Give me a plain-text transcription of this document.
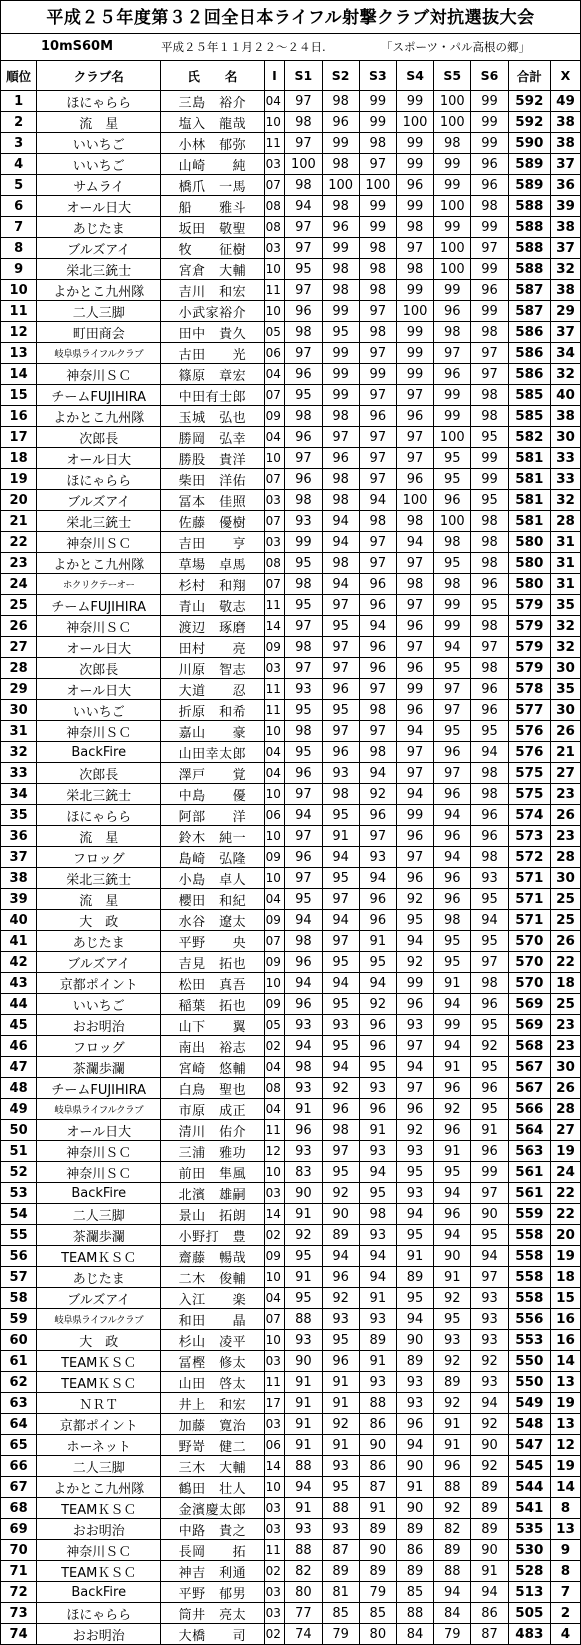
平成２５年度第３２回全日本ライフル射撃クラブ対抗選抜大会
10mS60M	平成２５年１１月２２～２４日.	「スポーツ・パル高根の郷」
順位	クラブ名	氏　　名	I	S1	S2	S3	S4	S5	S6	合計	X
1	ほにゃらら	三島　裕介	04	97	98	99	99	100	99	592	49
2	流　星	塩入　龍哉	10	98	96	99	100	100	99	592	38
3	いいちご	小林　郁弥	11	97	99	98	99	98	99	590	38
4	いいちご	山崎　　純	03	100	98	97	99	99	96	589	37
5	サムライ	橋爪　一馬	07	98	100	100	96	99	96	589	36
6	オール日大	船　　雅斗	08	94	98	99	99	100	98	588	39
7	あじたま	坂田　敬聖	08	97	96	99	98	99	99	588	38
8	ブルズアイ	牧　　征樹	03	97	99	98	97	100	97	588	37
9	栄北三銃士	宮倉　大輔	10	95	98	98	98	100	99	588	32
10	よかとこ九州隊	吉川　和宏	11	97	98	98	99	99	96	587	38
11	二人三脚	小武家裕介	10	96	99	97	100	96	99	587	29
12	町田商会	田中　貴久	05	98	95	98	99	98	98	586	37
13	岐阜県ライフルクラブ	古田　　光	06	97	99	97	99	97	97	586	34
14	神奈川ＳＣ	篠原　章宏	04	96	99	99	99	96	97	586	32
15	チームFUJIHIRA	中田有士郎	07	95	99	97	97	99	98	585	40
16	よかとこ九州隊	玉城　弘也	09	98	98	96	96	99	98	585	38
17	次郎長	勝岡　弘幸	04	96	97	97	97	100	95	582	30
18	オール日大	勝股　貴洋	10	97	96	97	97	95	99	581	33
19	ほにゃらら	柴田　洋佑	07	96	98	97	96	95	99	581	33
20	ブルズアイ	冨本　佳照	03	98	98	94	100	96	95	581	32
21	栄北三銃士	佐藤　優樹	07	93	94	98	98	100	98	581	28
22	神奈川ＳＣ	吉田　　亨	03	99	94	97	94	98	98	580	31
23	よかとこ九州隊	草場　卓馬	08	95	98	97	97	95	98	580	31
24	ホクリクテーオー	杉村　和翔	07	98	94	96	98	98	96	580	31
25	チームFUJIHIRA	青山　敬志	11	95	97	96	97	99	95	579	35
26	神奈川ＳＣ	渡辺　琢磨	14	97	95	94	96	99	98	579	32
27	オール日大	田村　　亮	09	98	97	96	97	94	97	579	32
28	次郎長	川原　智志	03	97	97	96	96	95	98	579	30
29	オール日大	大道　　忍	11	93	96	97	99	97	96	578	35
30	いいちご	折原　和希	11	95	95	98	96	97	96	577	30
31	神奈川ＳＣ	嘉山　　豪	10	98	97	97	94	95	95	576	26
32	BackFire	山田幸太郎	04	95	96	98	97	96	94	576	21
33	次郎長	澤戸　　覚	04	96	93	94	97	97	98	575	27
34	栄北三銃士	中島　　優	10	97	98	92	94	96	98	575	23
35	ほにゃらら	阿部　　洋	06	94	95	96	99	94	96	574	26
36	流　星	鈴木　純一	10	97	91	97	96	96	96	573	23
37	フロッグ	島崎　弘隆	09	96	94	93	97	94	98	572	28
38	栄北三銃士	小島　卓人	10	97	95	94	96	96	93	571	30
39	流　星	櫻田　和紀	04	95	97	96	92	96	95	571	25
40	大　政	水谷　遼太	09	94	94	96	95	98	94	571	25
41	あじたま	平野　　央	07	98	97	91	94	95	95	570	26
42	ブルズアイ	吉見　拓也	09	96	95	95	92	95	97	570	22
43	京都ポイント	松田　真吾	10	94	94	94	99	91	98	570	18
44	いいちご	稲葉　拓也	09	96	95	92	96	94	96	569	25
45	おお明治	山下　　翼	05	93	93	96	93	99	95	569	23
46	フロッグ	南出　裕志	02	94	95	96	97	94	92	568	23
47	茶瀾歩瀾	宮崎　悠輔	04	98	94	95	94	91	95	567	30
48	チームFUJIHIRA	白鳥　聖也	08	93	92	93	97	96	96	567	26
49	岐阜県ライフルクラブ	市原　成正	04	91	96	96	96	92	95	566	28
50	オール日大	清川　佑介	11	96	98	91	92	96	91	564	27
51	神奈川ＳＣ	三浦　雅功	12	93	97	93	93	91	96	563	19
52	神奈川ＳＣ	前田　隼風	10	83	95	94	95	95	99	561	24
53	BackFire	北濱　雄嗣	03	90	92	95	93	94	97	561	22
54	二人三脚	景山　拓朗	14	91	90	98	94	96	90	559	22
55	茶瀾歩瀾	小野打　豊	02	92	89	93	95	94	95	558	20
56	TEAMＫＳＣ	齋藤　暢哉	09	95	94	94	91	90	94	558	19
57	あじたま	二木　俊輔	10	91	96	94	89	91	97	558	18
58	ブルズアイ	入江　　楽	04	95	92	91	95	92	93	558	15
59	岐阜県ライフルクラブ	和田　　晶	07	88	93	93	94	95	93	556	16
60	大　政	杉山　凌平	10	93	95	89	90	93	93	553	16
61	TEAMＫＳＣ	冨樫　修太	03	90	96	91	89	92	92	550	14
62	TEAMＫＳＣ	山田　啓太	11	91	91	93	93	89	93	550	13
63	ＮＲＴ	井上　和宏	17	91	91	88	93	92	94	549	19
64	京都ポイント	加藤　寛治	03	91	92	86	96	91	92	548	13
65	ホーネット	野嵜　健二	06	91	91	90	94	91	90	547	12
66	二人三脚	三木　大輔	14	88	93	86	90	96	92	545	19
67	よかとこ九州隊	鶴田　壮人	10	94	95	87	91	88	89	544	14
68	TEAMＫＳＣ	金濱慶太郎	03	91	88	91	90	92	89	541	8
69	おお明治	中路　貴之	03	93	93	89	89	82	89	535	13
70	神奈川ＳＣ	長岡　　拓	11	88	87	90	86	89	90	530	9
71	TEAMＫＳＣ	神吉　利通	02	82	89	89	89	88	91	528	8
72	BackFire	平野　郁男	03	80	81	79	85	94	94	513	7
73	ほにゃらら	筒井　亮太	03	77	85	85	88	84	86	505	2
74	おお明治	大橋　　司	02	74	79	80	84	79	87	483	4
